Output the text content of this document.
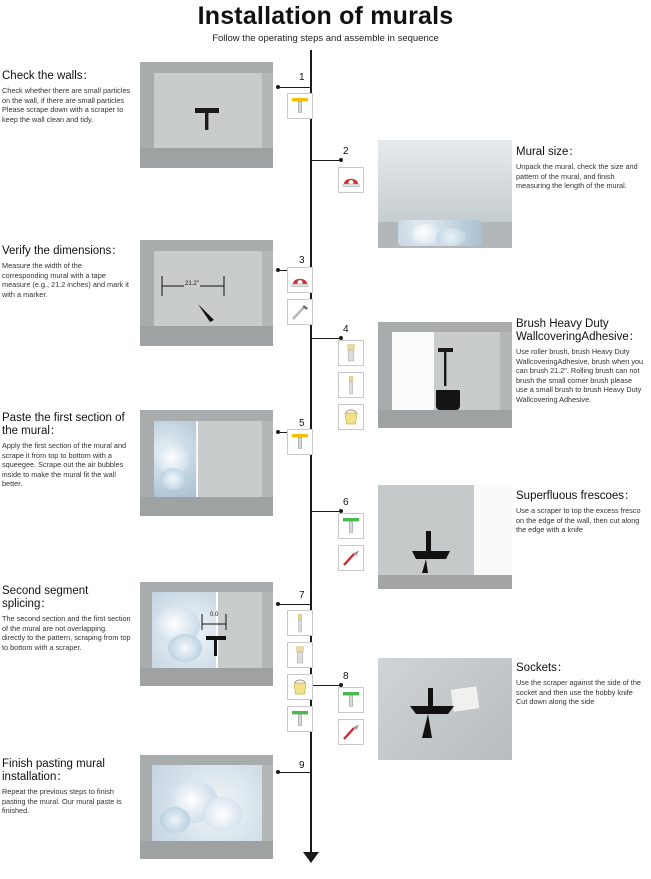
Installation of murals
Follow the operating steps and assemble in sequence
1
2
3
4
5
6
7
8
9
Check the walls：

Check whether there are small particles on the wall, if there are small particles Please scrape down with a scraper to keep the wall clean and tidy.

Mural size：

Unpack the mural, check the size and pattern of the mural, and finish measuring the length of the mural.

Verify the dimensions：

Measure the width of the corresponding mural with a tape measure (e.g., 21.2 inches) and mark it with a marker.

21.2"
Brush Heavy Duty WallcoveringAdhesive：

Use roller brush, brush Heavy Duty WallcoveringAdhesive, brush when you can brush 21.2". Rolling brush can not brush the small corner brush please use a small brush to brush Heavy Duty Wallcovering Adhesive.

Paste the first section of the mural：

Apply the first section of the mural and scrape it from top to bottom with a squeegee. Scrape out the air bubbles inside to make the mural fit the wall better.

Superfluous frescoes：

Use a scraper to top the excess fresco on the edge of the wall, then cut along the edge with a knife

Second segment splicing：

The second section and the first section of the mural are not overlapping. directly to the pattern, scraping from top to bottom with a scraper.

0.0
Sockets：

Use the scraper against the side of the socket and then use the hobby knife Cut down along the side

Finish pasting mural installation：

Repeat the previous steps to finish pasting the mural. Our mural paste is finished.
